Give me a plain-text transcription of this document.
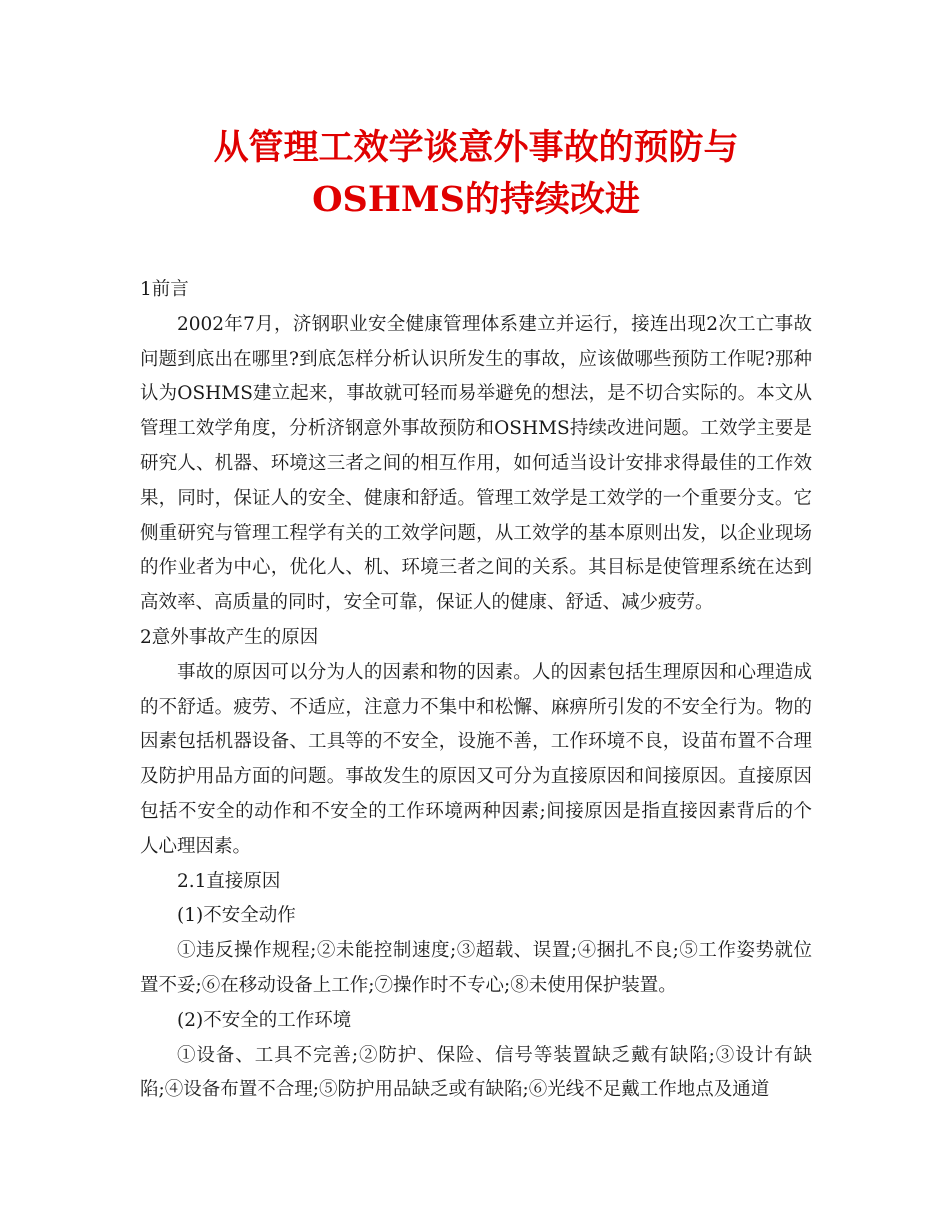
从管理工效学谈意外事故的预防与OSHMS的持续改进

1前言

2002年7月，济钢职业安全健康管理体系建立并运行，接连出现2次工亡事故问题到底出在哪里?到底怎样分析认识所发生的事故，应该做哪些预防工作呢?那种认为OSHMS建立起来，事故就可轻而易举避免的想法，是不切合实际的。本文从管理工效学角度，分析济钢意外事故预防和OSHMS持续改进问题。工效学主要是研究人、机器、环境这三者之间的相互作用，如何适当设计安排求得最佳的工作效果，同时，保证人的安全、健康和舒适。管理工效学是工效学的一个重要分支。它侧重研究与管理工程学有关的工效学问题，从工效学的基本原则出发，以企业现场的作业者为中心，优化人、机、环境三者之间的关系。其目标是使管理系统在达到高效率、高质量的同时，安全可靠，保证人的健康、舒适、减少疲劳。

2意外事故产生的原因

事故的原因可以分为人的因素和物的因素。人的因素包括生理原因和心理造成的不舒适。疲劳、不适应，注意力不集中和松懈、麻痹所引发的不安全行为。物的因素包括机器设备、工具等的不安全，设施不善，工作环境不良，设苗布置不合理及防护用品方面的问题。事故发生的原因又可分为直接原因和间接原因。直接原因包括不安全的动作和不安全的工作环境两种因素;间接原因是指直接因素背后的个人心理因素。

2.1直接原因

(1)不安全动作

①违反操作规程;②未能控制速度;③超载、误置;④捆扎不良;⑤工作姿势就位置不妥;⑥在移动设备上工作;⑦操作时不专心;⑧未使用保护装置。

(2)不安全的工作环境

①设备、工具不完善;②防护、保险、信号等装置缺乏戴有缺陷;③设计有缺陷;④设备布置不合理;⑤防护用品缺乏或有缺陷;⑥光线不足戴工作地点及通道
